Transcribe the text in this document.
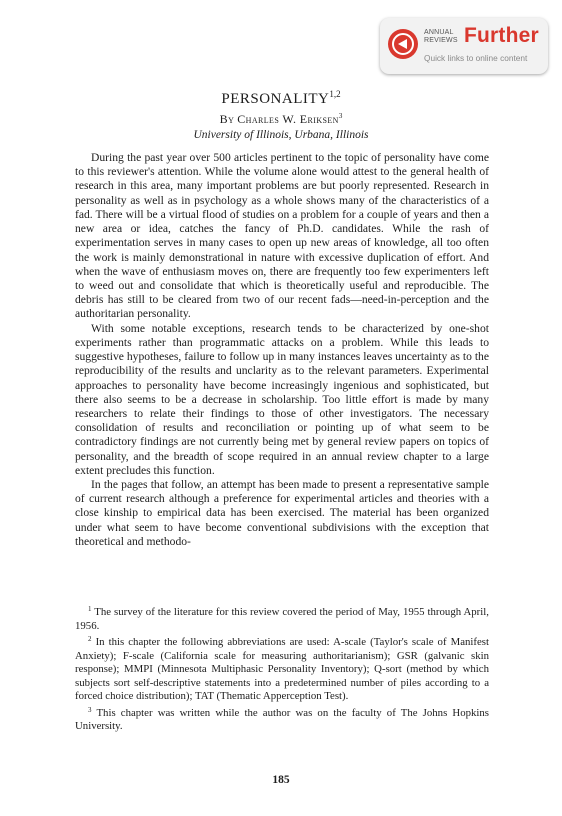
ANNUAL
REVIEWS Further
Quick links to online content
PERSONALITY$^{1,2}$
By Charles W. Eriksen$^3$
University of Illinois, Urbana, Illinois

During the past year over 500 articles pertinent to the topic of personality have come to this reviewer's attention. While the volume alone would attest to the general health of research in this area, many important problems are but poorly represented. Research in personality as well as in psychology as a whole shows many of the characteristics of a fad. There will be a virtual flood of studies on a problem for a couple of years and then a new area or idea, catches the fancy of Ph.D. candidates. While the rash of experimentation serves in many cases to open up new areas of knowledge, all too often the work is mainly demonstrational in nature with excessive duplication of effort. And when the wave of enthusiasm moves on, there are frequently too few experimenters left to weed out and consolidate that which is theoretically useful and reproducible. The debris has still to be cleared from two of our recent fads—need-in-perception and the authoritarian personality.

With some notable exceptions, research tends to be characterized by one-shot experiments rather than programmatic attacks on a problem. While this leads to suggestive hypotheses, failure to follow up in many instances leaves uncertainty as to the reproducibility of the results and unclarity as to the relevant parameters. Experimental approaches to personality have become increasingly ingenious and sophisticated, but there also seems to be a decrease in scholarship. Too little effort is made by many researchers to relate their findings to those of other investigators. The necessary consolidation of results and reconciliation or pointing up of what seem to be contradictory findings are not currently being met by general review papers on topics of personality, and the breadth of scope required in an annual review chapter to a large extent precludes this function.

In the pages that follow, an attempt has been made to present a representative sample of current research although a preference for experimental articles and theories with a close kinship to empirical data has been exercised. The material has been organized under what seem to have become conventional subdivisions with the exception that theoretical and methodo-

$^1$ The survey of the literature for this review covered the period of May, 1955 through April, 1956.

$^2$ In this chapter the following abbreviations are used: A-scale (Taylor's scale of Manifest Anxiety); F-scale (California scale for measuring authoritarianism); GSR (galvanic skin response); MMPI (Minnesota Multiphasic Personality Inventory); Q-sort (method by which subjects sort self-descriptive statements into a predetermined number of piles according to a forced choice distribution); TAT (Thematic Apperception Test).

$^3$ This chapter was written while the author was on the faculty of The Johns Hopkins University.

185
